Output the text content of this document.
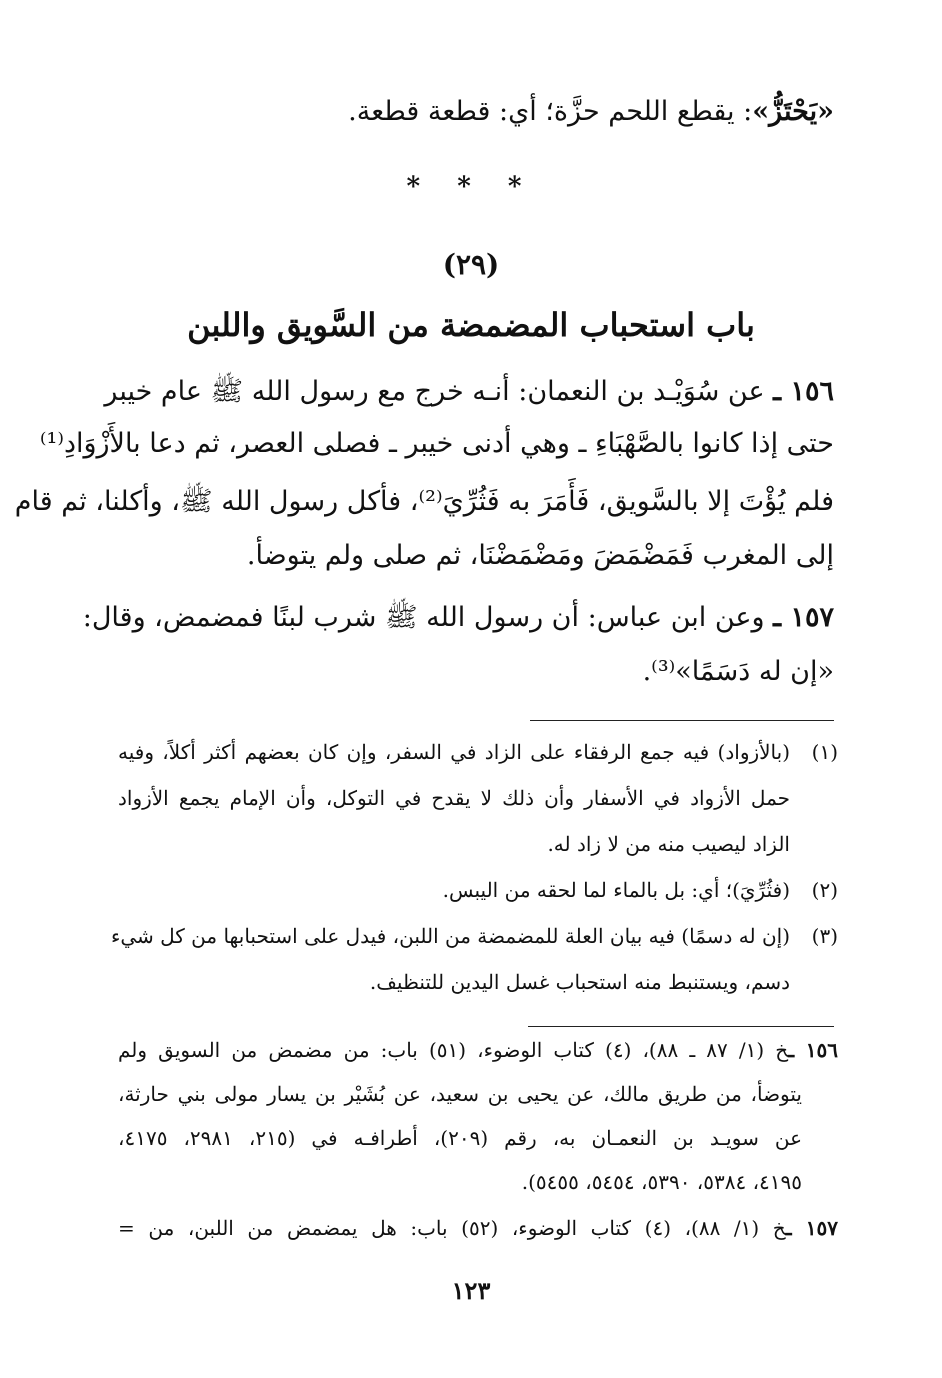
«يَحْتَزُّ»: يقطع اللحم حزَّة؛ أي: قطعة قطعة.
* * *
(٢٩)
باب استحباب المضمضة من السَّويق واللبن
١٥٦ ـ عن سُوَيْـد بن النعمان: أنـه خرج مع رسول الله ﷺ عام خيبر
حتى إذا كانوا بالصَّهْبَاءِ ـ وهي أدنى خيبر ـ فصلى العصر، ثم دعا بالأَزْوَادِ⁽¹⁾
فلم يُؤْتَ إلا بالسَّويق، فَأَمَرَ به فَثُرِّيَ⁽²⁾، فأكل رسول الله ﷺ، وأكلنا، ثم قام
إلى المغرب فَمَضْمَضَ ومَضْمَضْنَا، ثم صلى ولم يتوضأ.
١٥٧ ـ وعن ابن عباس: أن رسول الله ﷺ شرب لبنًا فمضمض، وقال:
«إن له دَسَمًا»⁽³⁾.
(١)(بالأزواد) فيه جمع الرفقاء على الزاد في السفر، وإن كان بعضهم أكثر أكلاً، وفيه
حمل الأزواد في الأسفار وأن ذلك لا يقدح في التوكل، وأن الإمام يجمع الأزواد
الزاد ليصيب منه من لا زاد له.
(٢)(فثُرِّيَ)؛ أي: بل بالماء لما لحقه من اليبس.
(٣)(إن له دسمًا) فيه بيان العلة للمضمضة من اللبن، فيدل على استحبابها من كل شيء
دسم، ويستنبط منه استحباب غسل اليدين للتنظيف.
١٥٦ ـخ (١/ ٨٧ ـ ٨٨)، (٤) كتاب الوضوء، (٥١) باب: من مضمض من السويق ولم
يتوضأ، من طريق مالك، عن يحيى بن سعيد، عن بُشَيْر بن يسار مولى بني حارثة،
عن سويـد بن النعمـان به، رقم (٢٠٩)، أطرافـه في (٢١٥، ٢٩٨١، ٤١٧٥،
٤١٩٥، ٥٣٨٤، ٥٣٩٠، ٥٤٥٤، ٥٤٥٥).
١٥٧ ـخ (١/ ٨٨)، (٤) كتاب الوضوء، (٥٢) باب: هل يمضمض من اللبن، من =
١٢٣
